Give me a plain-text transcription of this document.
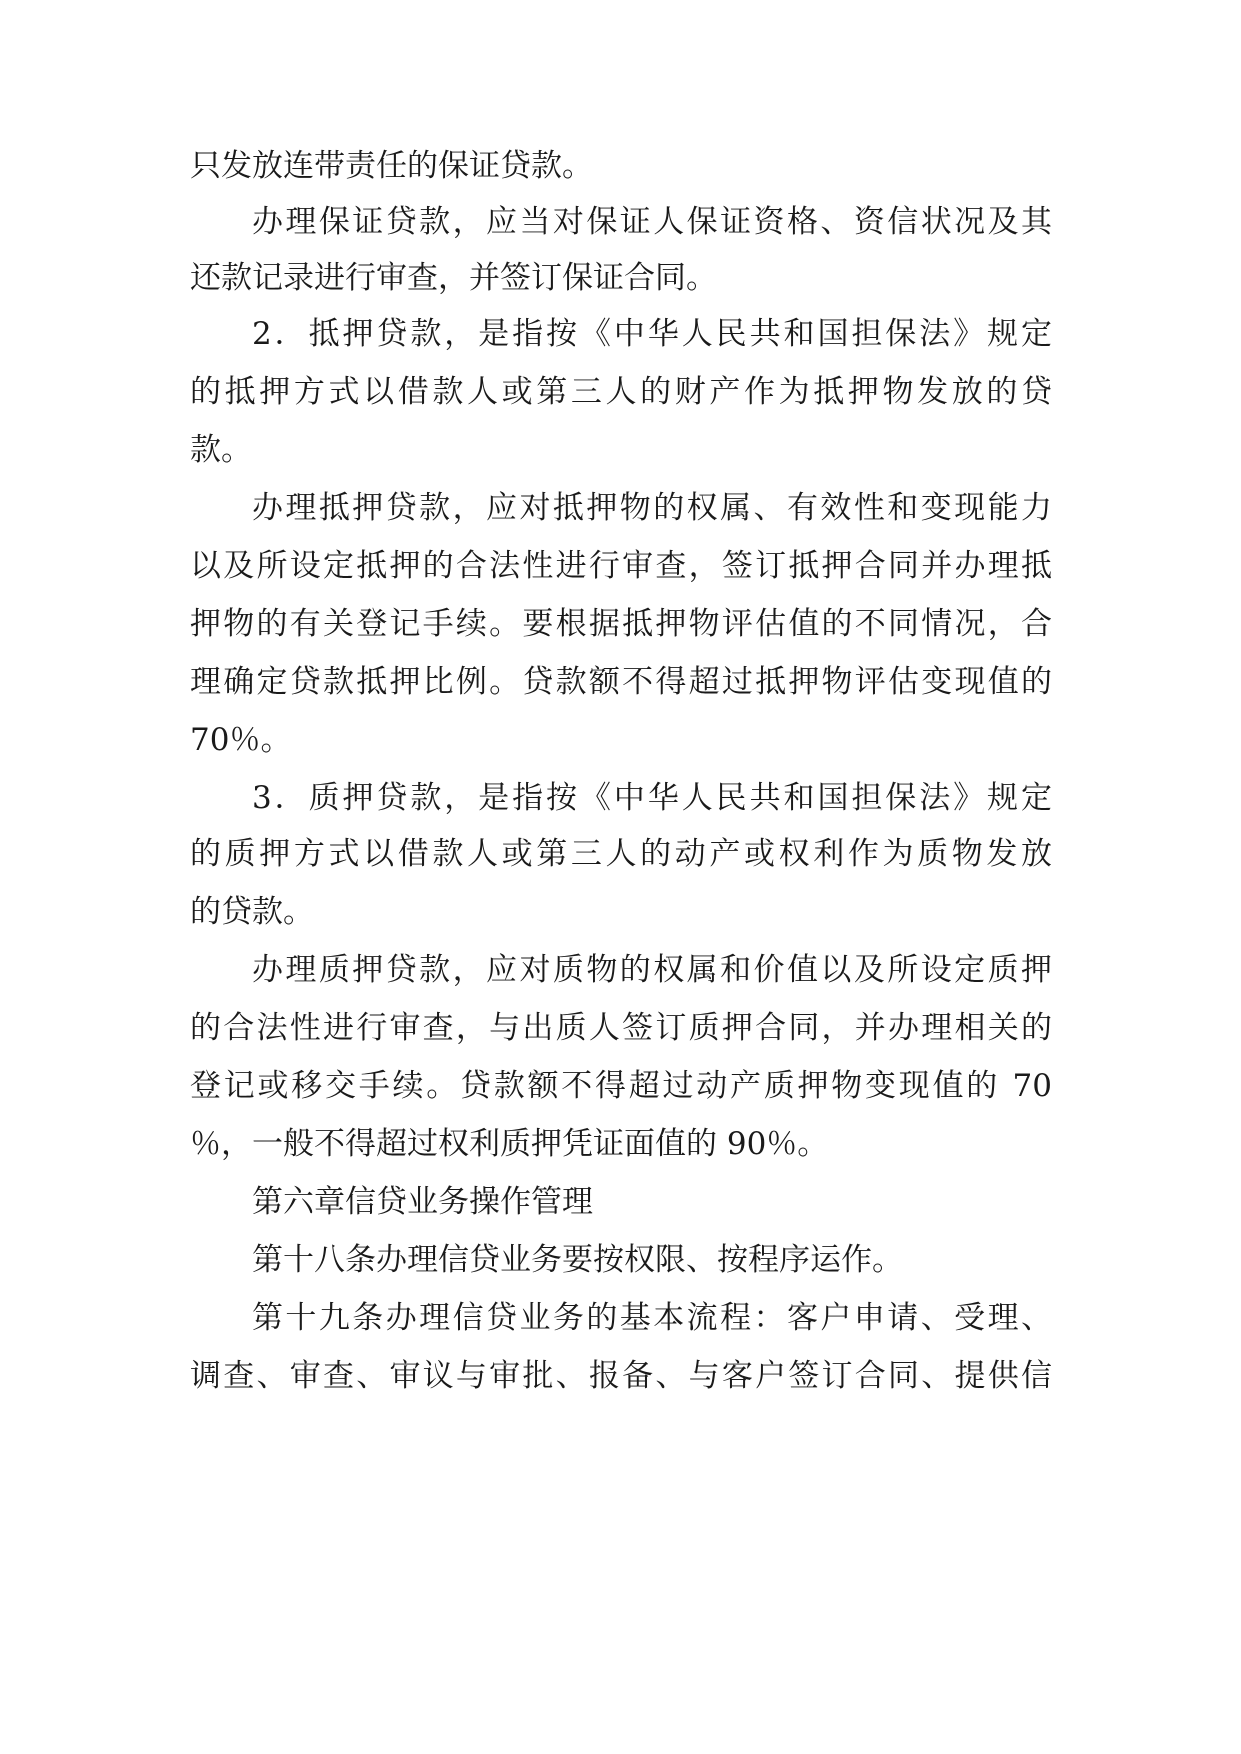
只发放连带责任的保证贷款。
办理保证贷款，应当对保证人保证资格、资信状况及其
还款记录进行审查，并签订保证合同。
2．抵押贷款，是指按《中华人民共和国担保法》规定
的抵押方式以借款人或第三人的财产作为抵押物发放的贷
款。
办理抵押贷款，应对抵押物的权属、有效性和变现能力
以及所设定抵押的合法性进行审查，签订抵押合同并办理抵
押物的有关登记手续。要根据抵押物评估值的不同情况，合
理确定贷款抵押比例。贷款额不得超过抵押物评估变现值的
70％。
3．质押贷款，是指按《中华人民共和国担保法》规定
的质押方式以借款人或第三人的动产或权利作为质物发放
的贷款。
办理质押贷款，应对质物的权属和价值以及所设定质押
的合法性进行审查，与出质人签订质押合同，并办理相关的
登记或移交手续。贷款额不得超过动产质押物变现值的 70
％，一般不得超过权利质押凭证面值的 90％。
第六章信贷业务操作管理
第十八条办理信贷业务要按权限、按程序运作。
第十九条办理信贷业务的基本流程：客户申请、受理、
调查、审查、审议与审批、报备、与客户签订合同、提供信
